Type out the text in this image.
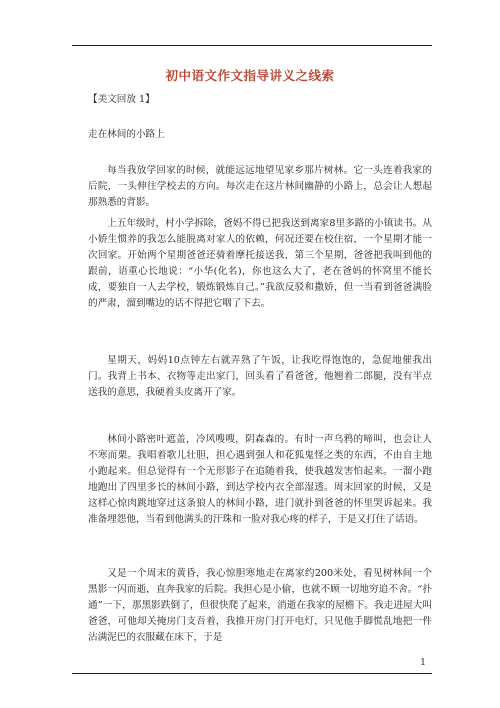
初中语文作文指导讲义之线索

【美文回放 1】

走在林间的小路上

每当我放学回家的时候，就能远远地望见家乡那片树林。它一头连着我家的后院，一头伸往学校去的方向。每次走在这片林间幽静的小路上，总会让人想起那熟悉的背影。

上五年级时，村小学拆除，爸妈不得已把我送到离家8里多路的小镇读书。从小娇生惯养的我怎么能脱离对家人的依赖，何况还要在校住宿，一个星期才能一次回家。开始两个星期爸爸还骑着摩托接送我，第三个星期，爸爸把我叫到他的跟前，语重心长地说：“小华(化名)，你也这么大了，老在爸妈的怀窝里不能长成，要独自一人去学校，锻炼锻炼自己。”我欲反驳和撒娇，但一当看到爸爸满脸的严肃，溜到嘴边的话不得把它咽了下去。

星期天，妈妈10点钟左右就弄熟了午饭，让我吃得饱饱的，急促地催我出门。我背上书本、衣物等走出家门，回头看了看爸爸，他翘着二郎腿，没有半点送我的意思，我硬着头皮离开了家。

林间小路密叶遮盖，冷风嗖嗖，阴森森的。有时一声乌鸦的啼叫，也会让人不寒而栗。我唱着歌儿壮胆，担心遇到强人和花狐鬼怪之类的东西，不由自主地小跑起来。但总觉得有一个无形影子在追随着我，使我越发害怕起来。一溜小跑地跑出了四里多长的林间小路，到达学校内衣全部湿透。周末回家的时候，又是这样心惊肉跳地穿过这条狼人的林间小路，进门就扑到爸爸的怀里哭诉起来。我准备埋怨他，当看到他满头的汗珠和一脸对我心疼的样子，于是又打住了话语。

又是一个周末的黄昏，我心惊胆寒地走在离家约200米处，看见树林间一个黑影一闪而逝，直奔我家的后院。我担心是小偷，也就不顾一切地穷追不舍。“扑通”一下，那黑影跌倒了，但很快爬了起来，消逝在我家的屋檐下。我走进屋大叫爸爸，可他却关掩房门支吾着，我推开房门打开电灯，只见他手脚慌乱地把一件沾满泥巴的衣服藏在床下，于是

1
